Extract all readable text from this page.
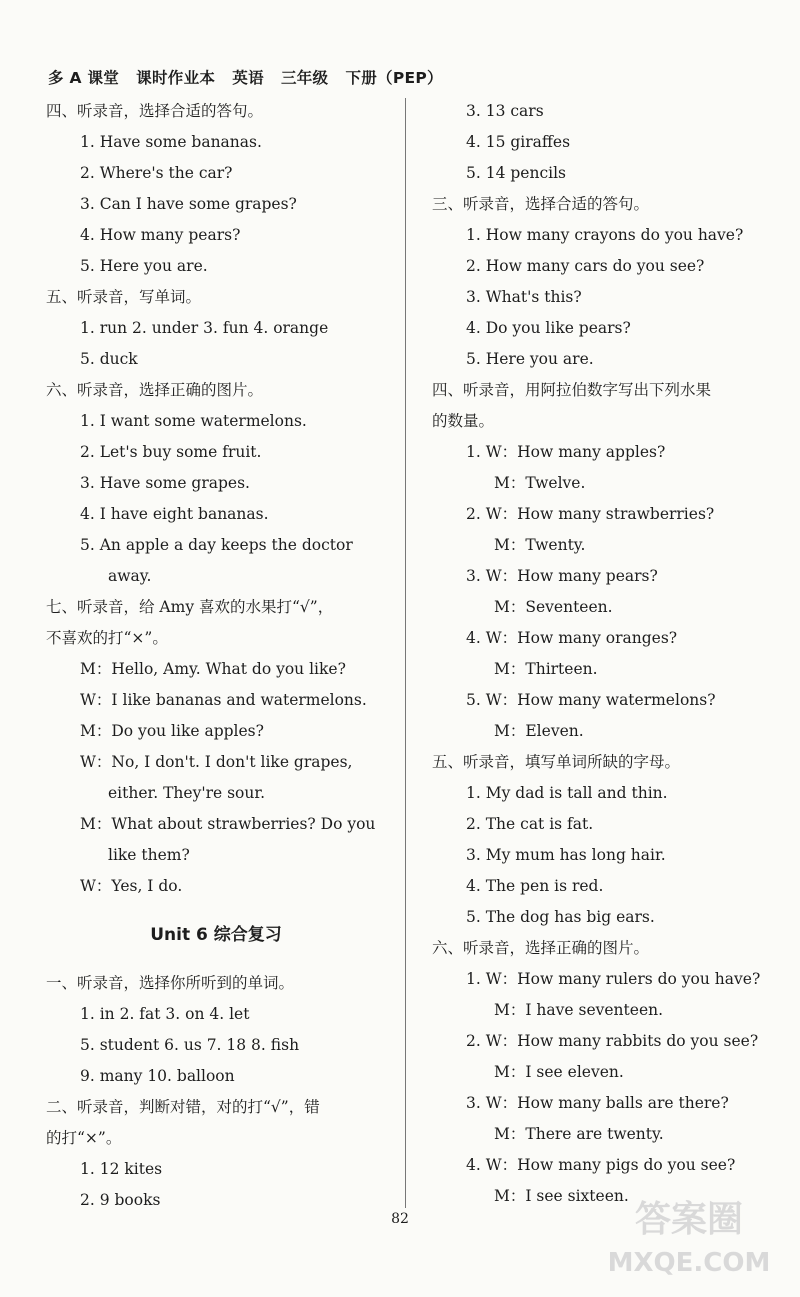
多 A 课堂   课时作业本   英语   三年级   下册（PEP）
四、听录音，选择合适的答句。
1. Have some bananas.
2. Where's the car?
3. Can I have some grapes?
4. How many pears?
5. Here you are.
五、听录音，写单词。
1. run 2. under 3. fun 4. orange
5. duck
六、听录音，选择正确的图片。
1. I want some watermelons.
2. Let's buy some fruit.
3. Have some grapes.
4. I have eight bananas.
5. An apple a day keeps the doctor
away.
七、听录音，给 Amy 喜欢的水果打“√”，
不喜欢的打“×”。
M：Hello, Amy. What do you like?
W：I like bananas and watermelons.
M：Do you like apples?
W：No, I don't. I don't like grapes,
either. They're sour.
M：What about strawberries? Do you
like them?
W：Yes, I do.
Unit 6 综合复习
一、听录音，选择你所听到的单词。
1. in 2. fat 3. on 4. let
5. student 6. us 7. 18 8. fish
9. many 10. balloon
二、听录音，判断对错，对的打“√”，错
的打“×”。
1. 12 kites
2. 9 books
3. 13 cars
4. 15 giraffes
5. 14 pencils
三、听录音，选择合适的答句。
1. How many crayons do you have?
2. How many cars do you see?
3. What's this?
4. Do you like pears?
5. Here you are.
四、听录音，用阿拉伯数字写出下列水果
的数量。
1. W：How many apples?
M：Twelve.
2. W：How many strawberries?
M：Twenty.
3. W：How many pears?
M：Seventeen.
4. W：How many oranges?
M：Thirteen.
5. W：How many watermelons?
M：Eleven.
五、听录音，填写单词所缺的字母。
1. My dad is tall and thin.
2. The cat is fat.
3. My mum has long hair.
4. The pen is red.
5. The dog has big ears.
六、听录音，选择正确的图片。
1. W：How many rulers do you have?
M：I have seventeen.
2. W：How many rabbits do you see?
M：I see eleven.
3. W：How many balls are there?
M：There are twenty.
4. W：How many pigs do you see?
M：I see sixteen.
82	答案圈
MXQE.COM
